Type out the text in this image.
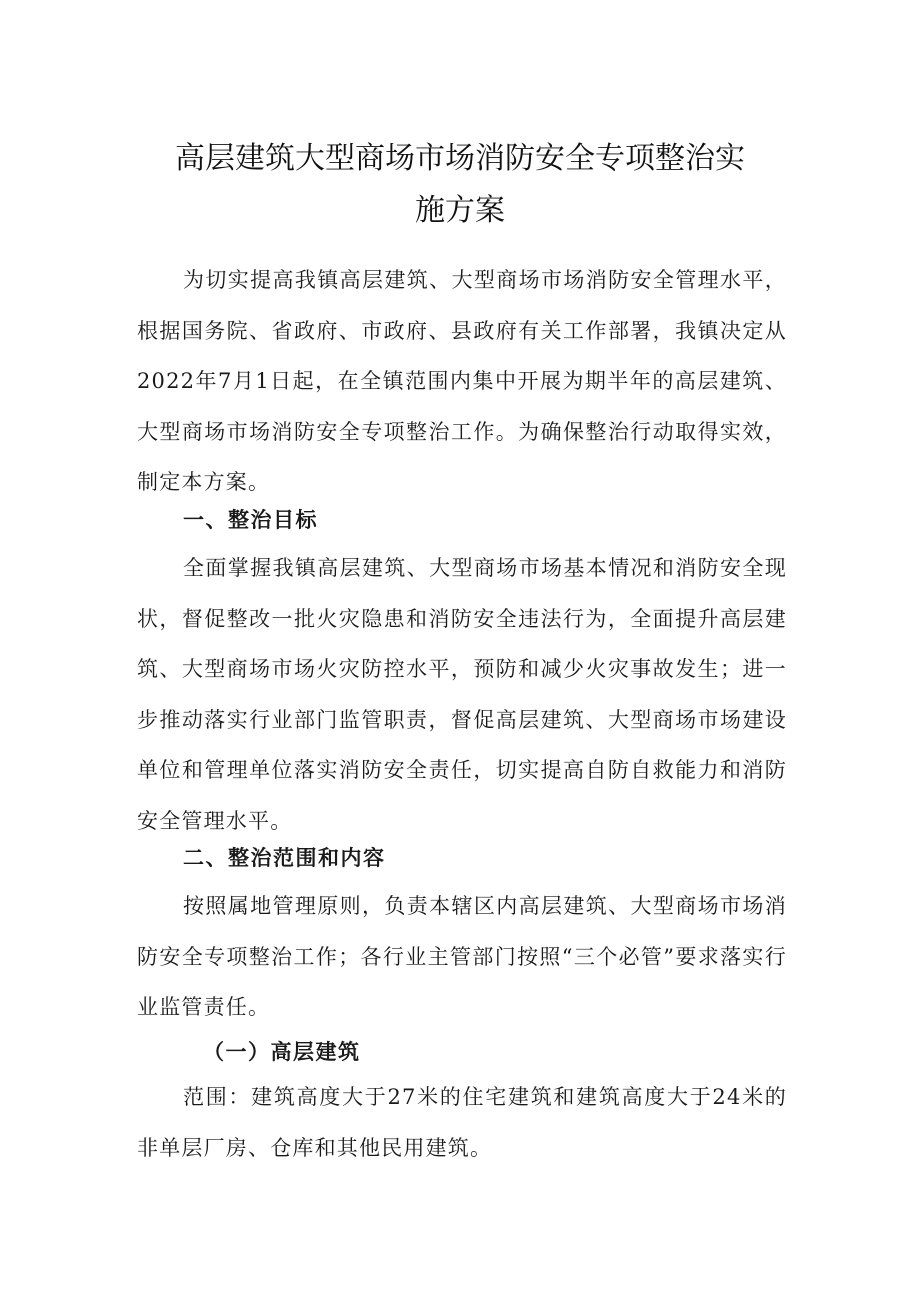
高层建筑大型商场市场消防安全专项整治实
施方案

为切实提高我镇高层建筑、大型商场市场消防安全管理水平，根据国务院、省政府、市政府、县政府有关工作部署，我镇决定从2022年7月1日起，在全镇范围内集中开展为期半年的高层建筑、大型商场市场消防安全专项整治工作。为确保整治行动取得实效，制定本方案。

一、整治目标

全面掌握我镇高层建筑、大型商场市场基本情况和消防安全现状，督促整改一批火灾隐患和消防安全违法行为，全面提升高层建筑、大型商场市场火灾防控水平，预防和减少火灾事故发生；进一步推动落实行业部门监管职责，督促高层建筑、大型商场市场建设单位和管理单位落实消防安全责任，切实提高自防自救能力和消防安全管理水平。

二、整治范围和内容

按照属地管理原则，负责本辖区内高层建筑、大型商场市场消防安全专项整治工作；各行业主管部门按照“三个必管”要求落实行业监管责任。

（一）高层建筑

范围：建筑高度大于27米的住宅建筑和建筑高度大于24米的非单层厂房、仓库和其他民用建筑。
